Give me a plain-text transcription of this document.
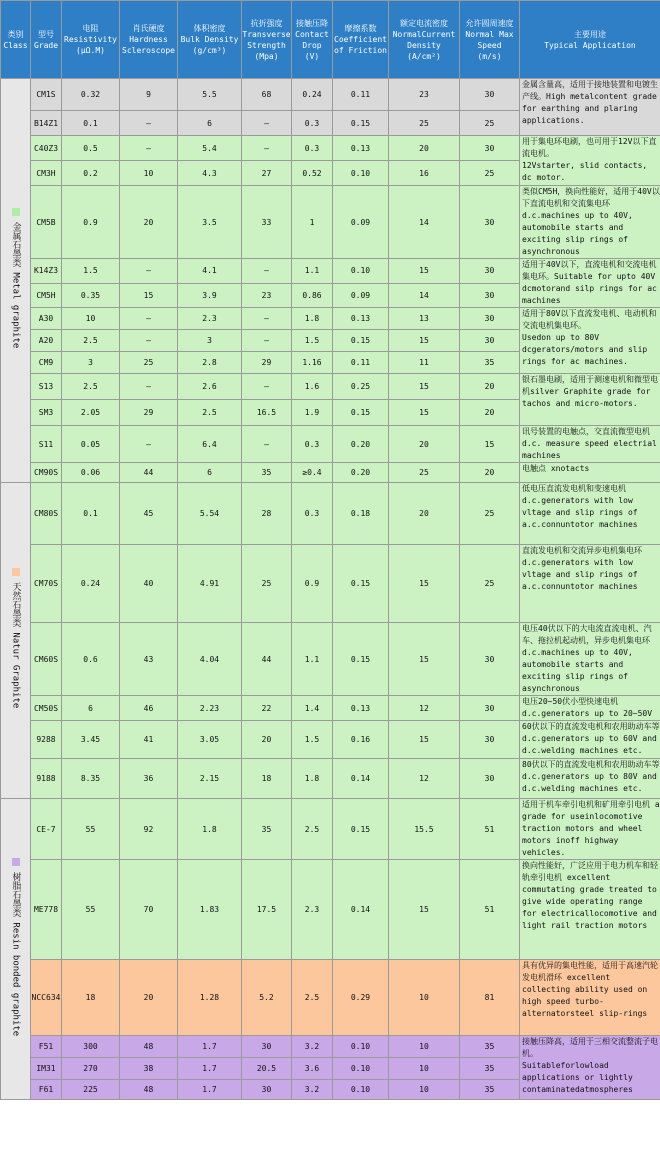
类别
Class	型号
Grade	电阻
Resistivity
(μΩ.M)	肖氏硬度
Hardness
Scleroscope	体积密度
Bulk Density
(g/cm³)	抗折强度
Transverse
Strength
(Mpa)	接触压降
Contact
Drop
(V)	摩擦系数
Coefficient
of Friction	额定电流密度
NormalCurrent
Density
(A/cm²)	允许圆周速度
Normal Max
Speed
(m/s)	主要用途
Typical Application

金属石墨类 Metal graphite	CM1S	0.32	9	5.5	68	0.24	0.11	23	30	金属含量高，适用于接地装置和电镀生产线。High metalcontent grade for earthing and plaring applications.
	B14Z1	0.1	–	6	–	0.3	0.15	25	25	
	C40Z3	0.5	–	5.4	–	0.3	0.13	20	30	用于集电环电刷，也可用于12V以下直流电机。
12Vstarter, slid contacts, dc motor.
	CM3H	0.2	10	4.3	27	0.52	0.10	16	25	
	CM5B	0.9	20	3.5	33	1	0.09	14	30	类似CM5H，换向性能好，适用于40V以下直流电机和交流集电环 d.c.machines up to 40V, automobile starts and exciting slip rings of asynchronous
	K14Z3	1.5	–	4.1	–	1.1	0.10	15	30	适用于40V以下，直流电机和交流电机集电环。Suitable for upto 40V dcmotorand silp rings for ac machines
	CM5H	0.35	15	3.9	23	0.86	0.09	14	30	
	A30	10	–	2.3	–	1.8	0.13	13	30	适用于80V以下直流发电机、电动机和交流电机集电环。
Usedon up to 80V dcgerators/motors and slip rings for ac machines.
	A20	2.5	–	3	–	1.5	0.15	15	30	
	CM9	3	25	2.8	29	1.16	0.11	11	35	
	S13	2.5	–	2.6	–	1.6	0.25	15	20	银石墨电刷，适用于测速电机和微型电机silver Graphite grade for tachos and micro-motors.
	SM3	2.05	29	2.5	16.5	1.9	0.15	15	20	
	S11	0.05	–	6.4	–	0.3	0.20	20	15	讯号装置的电触点，交直流微型电机 d.c. measure speed electrial machines
	CM90S	0.06	44	6	35	≥0.4	0.20	25	20	电触点 xnotacts

天然石墨类 Natur Graphite	CM80S	0.1	45	5.54	28	0.3	0.18	20	25	低电压直流发电机和变速电机 d.c.generators with low vltage and slip rings of a.c.connuntotor machines
	CM70S	0.24	40	4.91	25	0.9	0.15	15	25	直流发电机和交流异步电机集电环d.c.generators with low vltage and slip rings of a.c.connuntotor machines
	CM60S	0.6	43	4.04	44	1.1	0.15	15	30	电压40伏以下的大电流直流电机、汽车、拖拉机起动机，异步电机集电环d.c.machines up to 40V, automobile starts and exciting slip rings of asynchronous
	CM50S	6	46	2.23	22	1.4	0.13	12	30	电压20~50伏小型快速电机 d.c.generators up to 20~50V
	9288	3.45	41	3.05	20	1.5	0.16	15	30	60伏以下的直流发电机和农用助动车等d.c.generators up to 60V and d.c.welding machines etc.
	9188	8.35	36	2.15	18	1.8	0.14	12	30	80伏以下的直流发电机和农用助动车等d.c.generators up to 80V and d.c.welding machines etc.

树脂石墨类 Resin bonded graphite	CE-7	55	92	1.8	35	2.5	0.15	15.5	51	适用于机车牵引电机和矿用牵引电机 a grade for useinlocomotive traction motors and wheel motors inoff highway vehicles.
	ME778	55	70	1.83	17.5	2.3	0.14	15	51	换向性能好，广泛应用于电力机车和轻轨牵引电机 excellent commutating grade treated to give wide operating range for electricallocomotive and light rail traction motors
	NCC634	18	20	1.28	5.2	2.5	0.29	10	81	具有优异的集电性能，适用于高速汽轮发电机滑环 excellent collecting ability used on high speed turbo-alternatorsteel slip-rings
	F51	300	48	1.7	30	3.2	0.10	10	35	接触压降高，适用于三相交流整流子电机。
Suitableforlowload applications or lightly contaminatedatmospheres
	IM31	270	38	1.7	20.5	3.6	0.10	10	35	
	F61	225	48	1.7	30	3.2	0.10	10	35	
